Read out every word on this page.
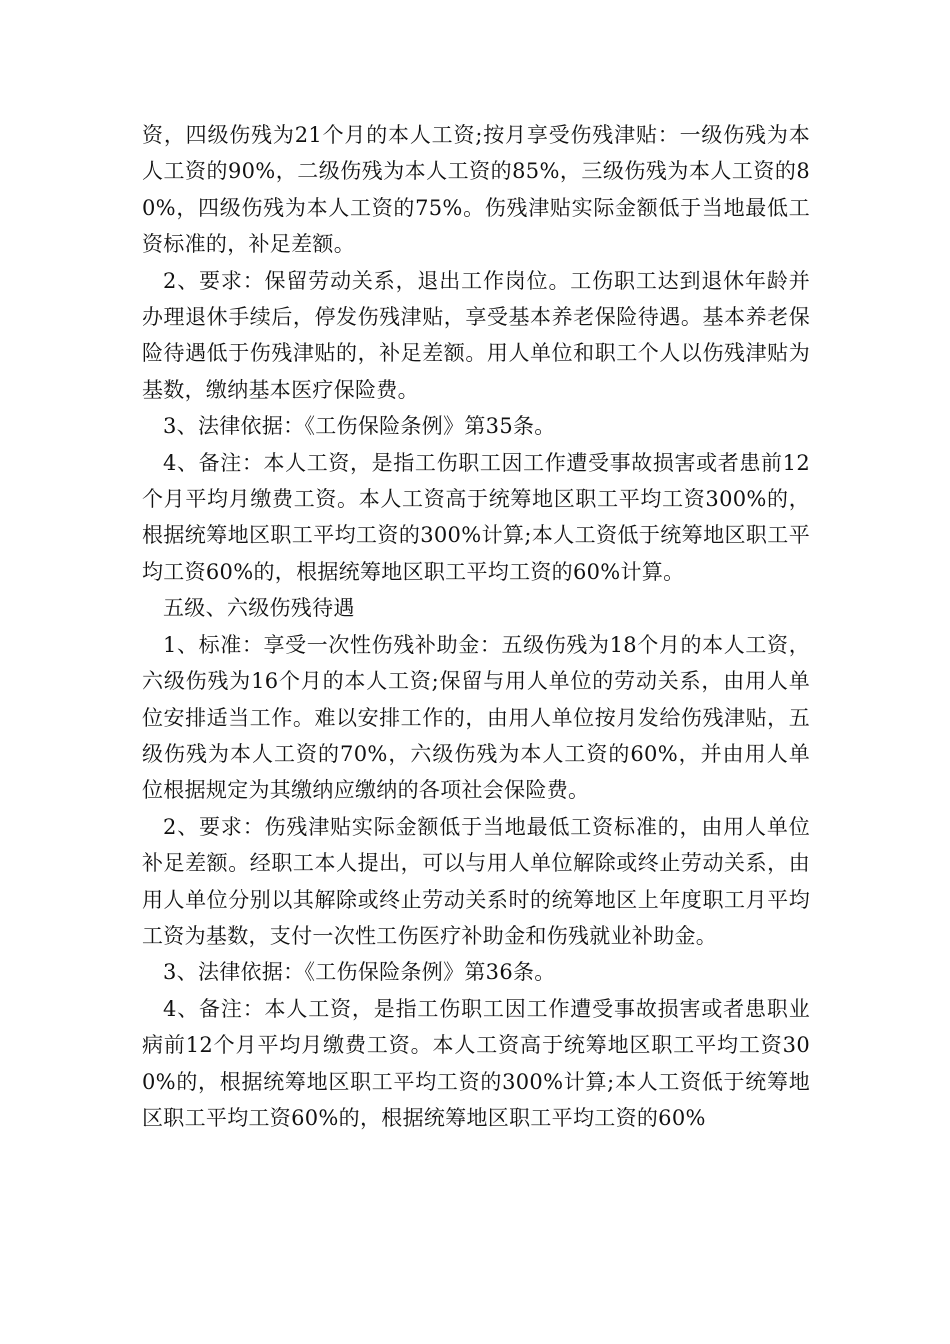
资，四级伤残为21个月的本人工资;按月享受伤残津贴：一级伤残为本人工资的90%，二级伤残为本人工资的85%，三级伤残为本人工资的80%，四级伤残为本人工资的75%。伤残津贴实际金额低于当地最低工资标准的，补足差额。

2、要求：保留劳动关系，退出工作岗位。工伤职工达到退休年龄并办理退休手续后，停发伤残津贴，享受基本养老保险待遇。基本养老保险待遇低于伤残津贴的，补足差额。用人单位和职工个人以伤残津贴为基数，缴纳基本医疗保险费。

3、法律依据：《工伤保险条例》第35条。

4、备注：本人工资，是指工伤职工因工作遭受事故损害或者患前12个月平均月缴费工资。本人工资高于统筹地区职工平均工资300%的，根据统筹地区职工平均工资的300%计算;本人工资低于统筹地区职工平均工资60%的，根据统筹地区职工平均工资的60%计算。

五级、六级伤残待遇

1、标准：享受一次性伤残补助金：五级伤残为18个月的本人工资，六级伤残为16个月的本人工资;保留与用人单位的劳动关系，由用人单位安排适当工作。难以安排工作的，由用人单位按月发给伤残津贴，五级伤残为本人工资的70%，六级伤残为本人工资的60%，并由用人单位根据规定为其缴纳应缴纳的各项社会保险费。

2、要求：伤残津贴实际金额低于当地最低工资标准的，由用人单位补足差额。经职工本人提出，可以与用人单位解除或终止劳动关系，由用人单位分别以其解除或终止劳动关系时的统筹地区上年度职工月平均工资为基数，支付一次性工伤医疗补助金和伤残就业补助金。

3、法律依据：《工伤保险条例》第36条。

4、备注：本人工资，是指工伤职工因工作遭受事故损害或者患职业病前12个月平均月缴费工资。本人工资高于统筹地区职工平均工资300%的，根据统筹地区职工平均工资的300%计算;本人工资低于统筹地区职工平均工资60%的，根据统筹地区职工平均工资的60%
